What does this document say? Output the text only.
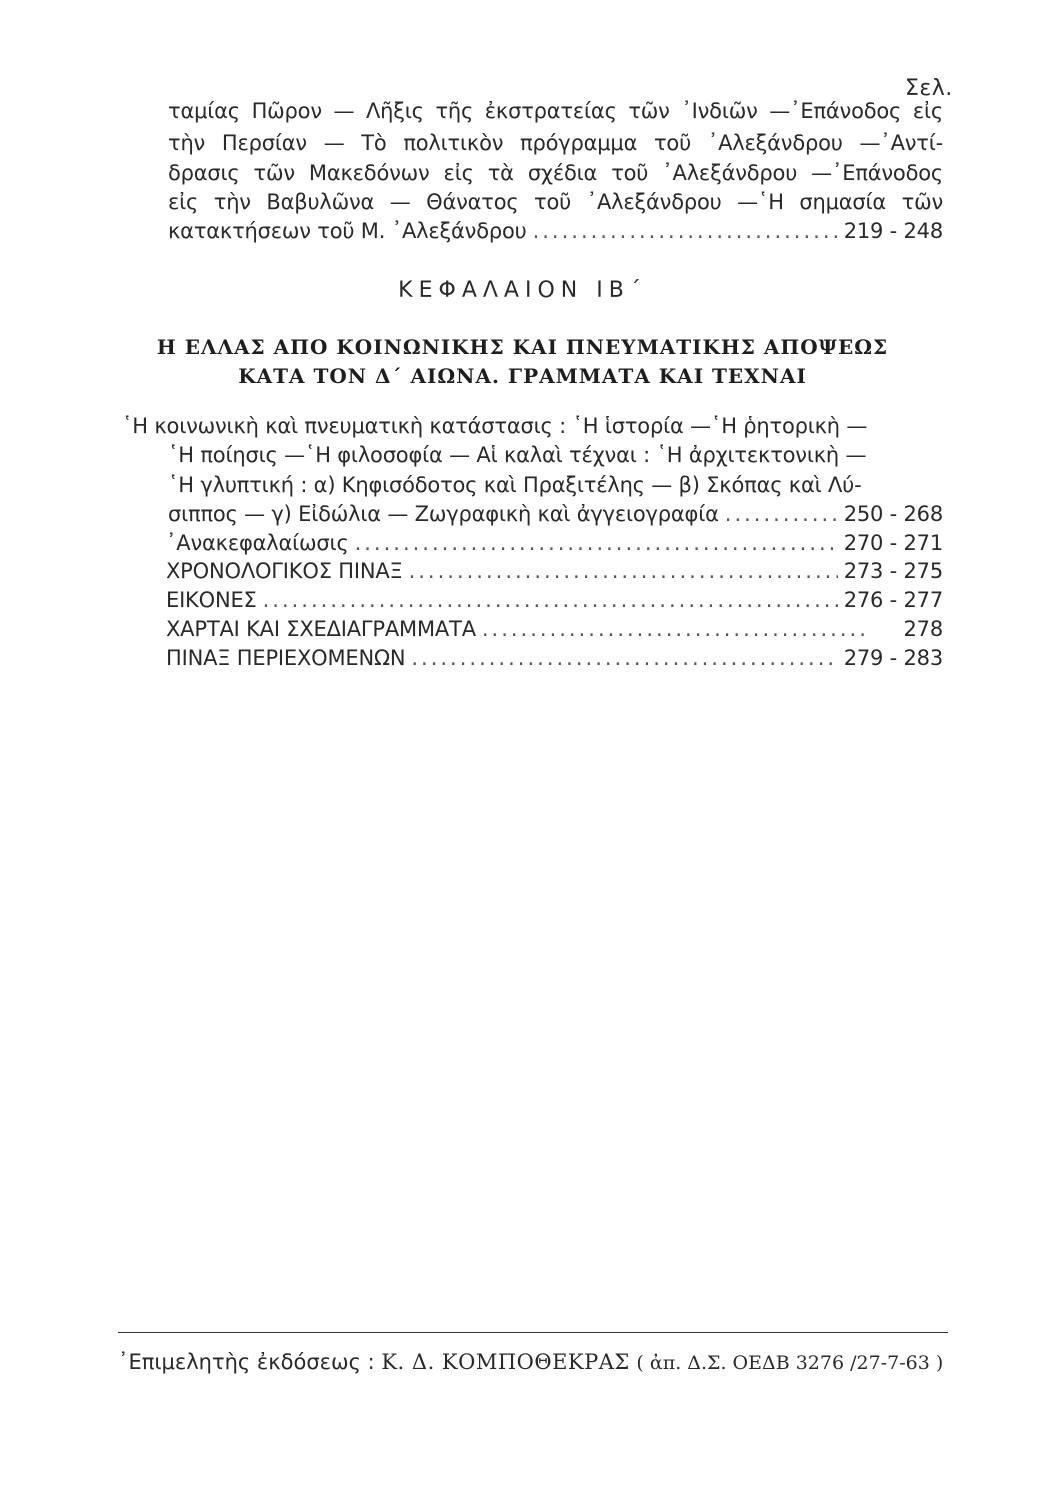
Σελ.
ταμίας Πῶρον — Λῆξις τῆς ἐκστρατείας τῶν ᾿Ινδιῶν —᾿Επάνοδος εἰς
τὴν Περσίαν — Τὸ πολιτικὸν πρόγραμμα τοῦ ᾿Αλεξάνδρου —᾿Αντί-
δρασις τῶν Μακεδόνων εἰς τὰ σχέδια τοῦ ᾿Αλεξάνδρου —᾿Επάνοδος
εἰς τὴν Βαβυλῶνα — Θάνατος τοῦ ᾿Αλεξάνδρου —῾Η σημασία τῶν
κατακτήσεων τοῦ Μ. ᾿Αλεξάνδρου .....	219 - 248
ΚΕΦΑΛΑΙΟΝ ΙΒ΄
Η ΕΛΛΑΣ ΑΠΟ ΚΟΙΝΩΝΙΚΗΣ ΚΑΙ ΠΝΕΥΜΑΤΙΚΗΣ ΑΠΟΨΕΩΣ
ΚΑΤΑ ΤΟΝ Δ΄ ΑΙΩΝΑ. ΓΡΑΜΜΑΤΑ ΚΑΙ ΤΕΧΝΑΙ
῾Η κοινωνικὴ καὶ πνευματικὴ κατάστασις : ῾Η ἱστορία —῾Η ῥητορικὴ —
῾Η ποίησις —῾Η φιλοσοφία — Αἱ καλαὶ τέχναι : ῾Η ἀρχιτεκτονικὴ —
῾Η γλυπτική : α) Κηφισόδοτος καὶ Πραξιτέλης — β) Σκόπας καὶ Λύ-
σιππος — γ) Εἰδώλια — Ζωγραφικὴ καὶ ἀγγειογραφία .....	250 - 268
᾿Ανακεφαλαίωσις .....	270 - 271
ΧΡΟΝΟΛΟΓΙΚΟΣ ΠΙΝΑΞ .....	273 - 275
ΕΙΚΟΝΕΣ .....	276 - 277
ΧΑΡΤΑΙ ΚΑΙ ΣΧΕΔΙΑΓΡΑΜΜΑΤΑ .....	278
ΠΙΝΑΞ ΠΕΡΙΕΧΟΜΕΝΩΝ .....	279 - 283
᾿Επιμελητὴς ἐκδόσεως : Κ. Δ. ΚΟΜΠΟΘΕΚΡΑΣ ( ἀπ. Δ.Σ. ΟΕΔΒ 3276 /27-7-63 )
